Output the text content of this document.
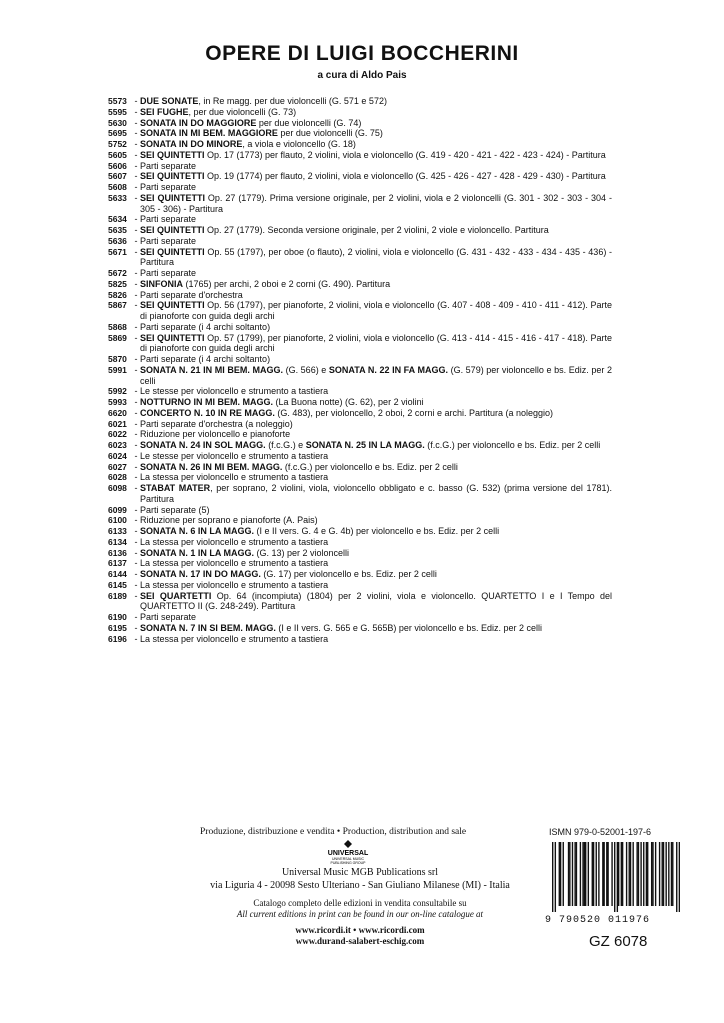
OPERE DI LUIGI BOCCHERINI
a cura di Aldo Pais
5573 - DUE SONATE, in Re magg. per due violoncelli (G. 571 e 572)
5595 - SEI FUGHE, per due violoncelli (G. 73)
5630 - SONATA IN DO MAGGIORE per due violoncelli (G. 74)
5695 - SONATA IN MI BEM. MAGGIORE per due violoncelli (G. 75)
5752 - SONATA IN DO MINORE, a viola e violoncello (G. 18)
5605 - SEI QUINTETTI Op. 17 (1773) per flauto, 2 violini, viola e violoncello (G. 419 - 420 - 421 - 422 - 423 - 424) - Partitura
5606 - Parti separate
5607 - SEI QUINTETTI Op. 19 (1774) per flauto, 2 violini, viola e violoncello (G. 425 - 426 - 427 - 428 - 429 - 430) - Partitura
5608 - Parti separate
5633 - SEI QUINTETTI Op. 27 (1779). Prima versione originale, per 2 violini, viola e 2 violoncelli (G. 301 - 302 - 303 - 304 - 305 - 306) - Partitura
5634 - Parti separate
5635 - SEI QUINTETTI Op. 27 (1779). Seconda versione originale, per 2 violini, 2 viole e violoncello. Partitura
5636 - Parti separate
5671 - SEI QUINTETTI Op. 55 (1797), per oboe (o flauto), 2 violini, viola e violoncello (G. 431 - 432 - 433 - 434 - 435 - 436) - Partitura
5672 - Parti separate
5825 - SINFONIA (1765) per archi, 2 oboi e 2 corni (G. 490). Partitura
5826 - Parti separate d'orchestra
5867 - SEI QUINTETTI Op. 56 (1797), per pianoforte, 2 violini, viola e violoncello (G. 407 - 408 - 409 - 410 - 411 - 412). Parte di pianoforte con guida degli archi
5868 - Parti separate (i 4 archi soltanto)
5869 - SEI QUINTETTI Op. 57 (1799), per pianoforte, 2 violini, viola e violoncello (G. 413 - 414 - 415 - 416 - 417 - 418). Parte di pianoforte con guida degli archi
5870 - Parti separate (i 4 archi soltanto)
5991 - SONATA N. 21 IN MI BEM. MAGG. (G. 566) e SONATA N. 22 IN FA MAGG. (G. 579) per violoncello e bs. Ediz. per 2 celli
5992 - Le stesse per violoncello e strumento a tastiera
5993 - NOTTURNO IN MI BEM. MAGG. (La Buona notte) (G. 62), per 2 violini
6620 - CONCERTO N. 10 IN RE MAGG. (G. 483), per violoncello, 2 oboi, 2 corni e archi. Partitura (a noleggio)
6021 - Parti separate d'orchestra (a noleggio)
6022 - Riduzione per violoncello e pianoforte
6023 - SONATA N. 24 IN SOL MAGG. (f.c.G.) e SONATA N. 25 IN LA MAGG. (f.c.G.) per violoncello e bs. Ediz. per 2 celli
6024 - Le stesse per violoncello e strumento a tastiera
6027 - SONATA N. 26 IN MI BEM. MAGG. (f.c.G.) per violoncello e bs. Ediz. per 2 celli
6028 - La stessa per violoncello e strumento a tastiera
6098 - STABAT MATER, per soprano, 2 violini, viola, violoncello obbligato e c. basso (G. 532) (prima versione del 1781). Partitura
6099 - Parti separate (5)
6100 - Riduzione per soprano e pianoforte (A. Pais)
6133 - SONATA N. 6 IN LA MAGG. (I e II vers. G. 4 e G. 4b) per violoncello e bs. Ediz. per 2 celli
6134 - La stessa per violoncello e strumento a tastiera
6136 - SONATA N. 1 IN LA MAGG. (G. 13) per 2 violoncelli
6137 - La stessa per violoncello e strumento a tastiera
6144 - SONATA N. 17 IN DO MAGG. (G. 17) per violoncello e bs. Ediz. per 2 celli
6145 - La stessa per violoncello e strumento a tastiera
6189 - SEI QUARTETTI Op. 64 (incompiuta) (1804) per 2 violini, viola e violoncello. QUARTETTO I e I Tempo del QUARTETTO II (G. 248-249). Partitura
6190 - Parti separate
6195 - SONATA N. 7 IN SI BEM. MAGG. (I e II vers. G. 565 e G. 565B) per violoncello e bs. Ediz. per 2 celli
6196 - La stessa per violoncello e strumento a tastiera
Produzione, distribuzione e vendita • Production, distribution and sale
UNIVERSAL
UNIVERSAL MUSIC
PUBLISHING GROUP
Universal Music MGB Publications srl
via Liguria 4 - 20098 Sesto Ulteriano - San Giuliano Milanese (MI) - Italia
Catalogo completo delle edizioni in vendita consultabile su
All current editions in print can be found in our on-line catalogue at
www.ricordi.it • www.ricordi.com
www.durand-salabert-eschig.com
ISMN 979-0-52001-197-6
9 790520 011976
GZ 6078
